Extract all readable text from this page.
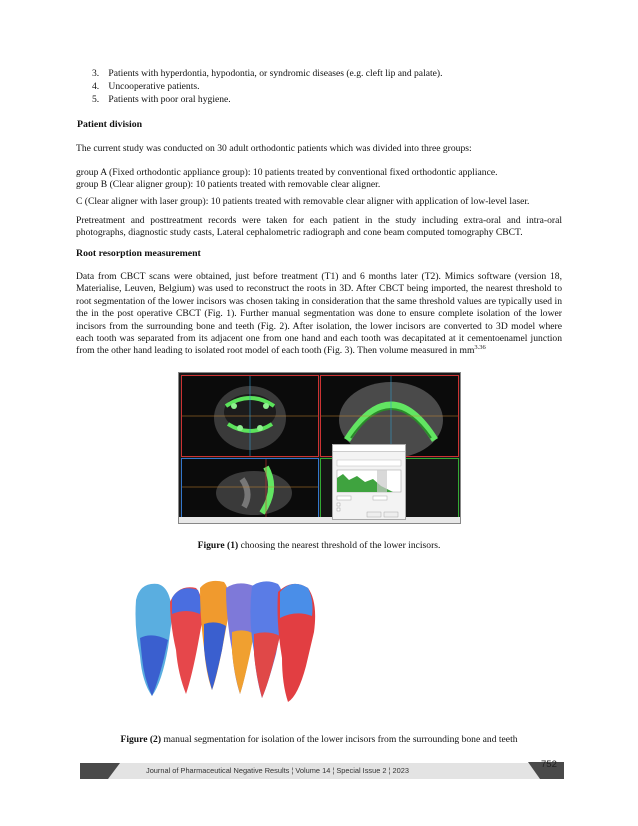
3. Patients with hyperdontia, hypodontia, or syndromic diseases (e.g. cleft lip and palate).
4. Uncooperative patients.
5. Patients with poor oral hygiene.
Patient division
The current study was conducted on 30 adult orthodontic patients which was divided into three groups:
group A (Fixed orthodontic appliance group): 10 patients treated by conventional fixed orthodontic appliance.
group B (Clear aligner group): 10 patients treated with removable clear aligner.
C (Clear aligner with laser group): 10 patients treated with removable clear aligner with application of low-level laser.
Pretreatment and posttreatment records were taken for each patient in the study including extra-oral and intra-oral photographs, diagnostic study casts, Lateral cephalometric radiograph and cone beam computed tomography CBCT.
Root resorption measurement
Data from CBCT scans were obtained, just before treatment (T1) and 6 months later (T2). Mimics software (version 18, Materialise, Leuven, Belgium) was used to reconstruct the roots in 3D. After CBCT being imported, the nearest threshold to root segmentation of the lower incisors was chosen taking in consideration that the same threshold values are typically used in the in the post operative CBCT (Fig. 1). Further manual segmentation was done to ensure complete isolation of the lower incisors from the surrounding bone and teeth (Fig. 2). After isolation, the lower incisors are converted to 3D model where each tooth was separated from its adjacent one from one hand and each tooth was decapitated at it cementoenamel junction from the other hand leading to isolated root model of each tooth (Fig. 3). Then volume measured in $mm^{3.36}$
Figure (1) choosing the nearest threshold of the lower incisors.
Figure (2) manual segmentation for isolation of the lower incisors from the surrounding bone and teeth
Journal of Pharmaceutical Negative Results ¦ Volume 14 ¦ Special Issue 2 ¦ 2023
752
